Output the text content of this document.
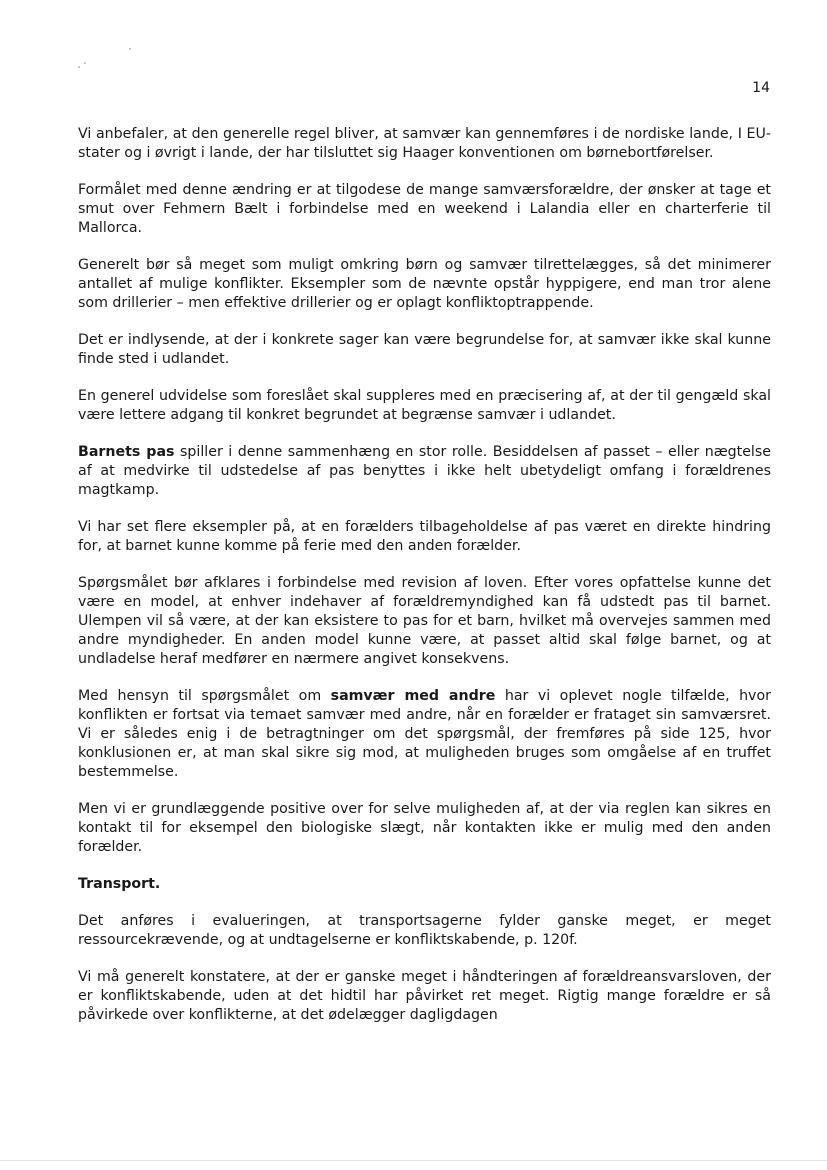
14

Vi anbefaler, at den generelle regel bliver, at samvær kan gennemføres i de nordiske lande, I EU-stater og i øvrigt i lande, der har tilsluttet sig Haager konventionen om børnebortførelser.

Formålet med denne ændring er at tilgodese de mange samværsforældre, der ønsker at tage et smut over Fehmern Bælt i forbindelse med en weekend i Lalandia eller en charterferie til Mallorca.

Generelt bør så meget som muligt omkring børn og samvær tilrettelægges, så det minimerer antallet af mulige konflikter. Eksempler som de nævnte opstår hyppigere, end man tror alene som drillerier – men effektive drillerier og er oplagt konfliktoptrappende.

Det er indlysende, at der i konkrete sager kan være begrundelse for, at samvær ikke skal kunne finde sted i udlandet.

En generel udvidelse som foreslået skal suppleres med en præcisering af, at der til gengæld skal være lettere adgang til konkret begrundet at begrænse samvær i udlandet.

Barnets pas spiller i denne sammenhæng en stor rolle. Besiddelsen af passet – eller nægtelse af at medvirke til udstedelse af pas benyttes i ikke helt ubetydeligt omfang i forældrenes magtkamp.

Vi har set flere eksempler på, at en forælders tilbageholdelse af pas været en direkte hindring for, at barnet kunne komme på ferie med den anden forælder.

Spørgsmålet bør afklares i forbindelse med revision af loven. Efter vores opfattelse kunne det være en model, at enhver indehaver af forældremyndighed kan få udstedt pas til barnet. Ulempen vil så være, at der kan eksistere to pas for et barn, hvilket må overvejes sammen med andre myndigheder. En anden model kunne være, at passet altid skal følge barnet, og at undladelse heraf medfører en nærmere angivet konsekvens.

Med hensyn til spørgsmålet om samvær med andre har vi oplevet nogle tilfælde, hvor konflikten er fortsat via temaet samvær med andre, når en forælder er frataget sin samværsret. Vi er således enig i de betragtninger om det spørgsmål, der fremføres på side 125, hvor konklusionen er, at man skal sikre sig mod, at muligheden bruges som omgåelse af en truffet bestemmelse.

Men vi er grundlæggende positive over for selve muligheden af, at der via reglen kan sikres en kontakt til for eksempel den biologiske slægt, når kontakten ikke er mulig med den anden forælder.

Transport.

Det anføres i evalueringen, at transportsagerne fylder ganske meget, er meget ressourcekrævende, og at undtagelserne er konfliktskabende, p. 120f.

Vi må generelt konstatere, at der er ganske meget i håndteringen af forældreansvarsloven, der er konfliktskabende, uden at det hidtil har påvirket ret meget. Rigtig mange forældre er så påvirkede over konflikterne, at det ødelægger dagligdagen
